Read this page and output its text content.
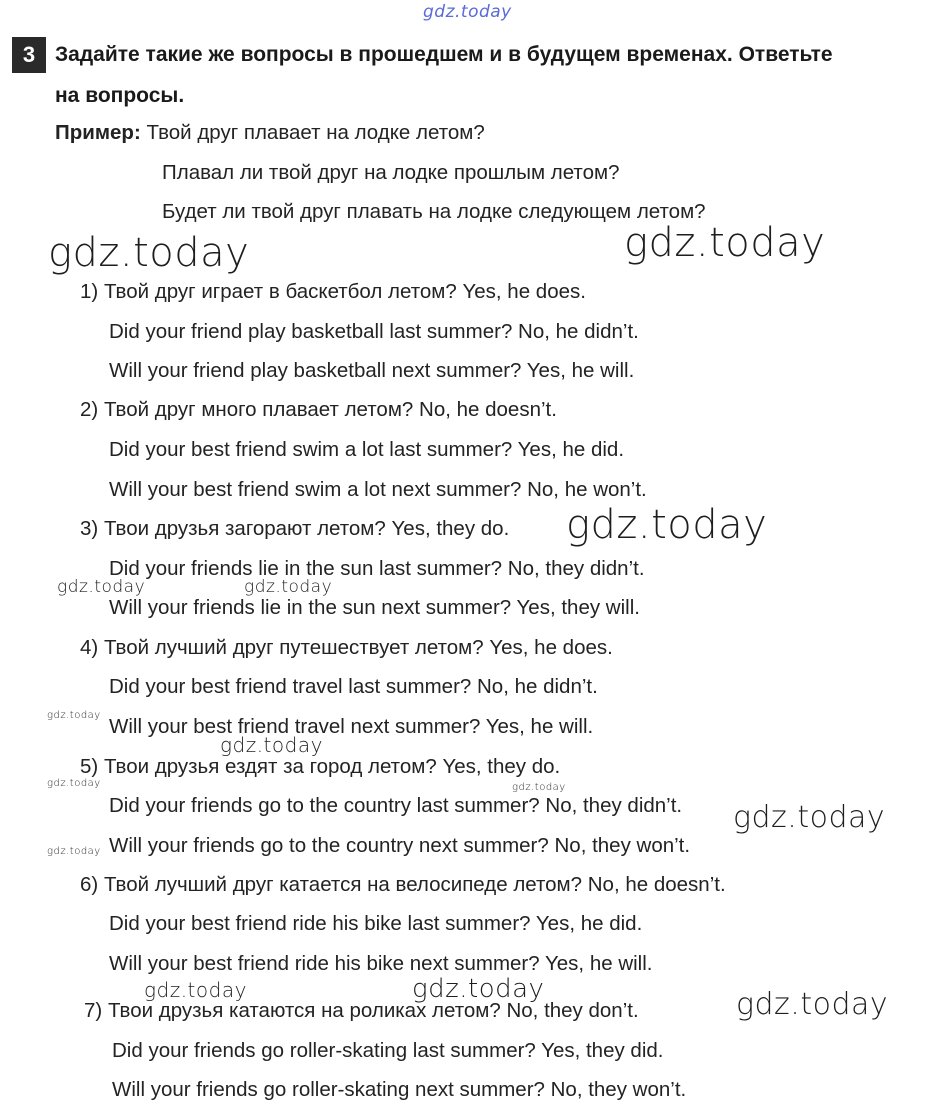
gdz.today
3 Задайте такие же вопросы в прошедшем и в будущем временах. Ответьте
на вопросы.
Пример: Твой друг плавает на лодке летом?
Плавал ли твой друг на лодке прошлым летом?
Будет ли твой друг плавать на лодке следующем летом?
1) Твой друг играет в баскетбол летом? Yes, he does.
Did your friend play basketball last summer? No, he didn’t.
Will your friend play basketball next summer? Yes, he will.
2) Твой друг много плавает летом? No, he doesn’t.
Did your best friend swim a lot last summer? Yes, he did.
Will your best friend swim a lot next summer? No, he won’t.
3) Твои друзья загорают летом? Yes, they do.
Did your friends lie in the sun last summer? No, they didn’t.
Will your friends lie in the sun next summer? Yes, they will.
4) Твой лучший друг путешествует летом? Yes, he does.
Did your best friend travel last summer? No, he didn’t.
Will your best friend travel next summer? Yes, he will.
5) Твои друзья ездят за город летом? Yes, they do.
Did your friends go to the country last summer? No, they didn’t.
Will your friends go to the country next summer? No, they won’t.
6) Твой лучший друг катается на велосипеде летом? No, he doesn’t.
Did your best friend ride his bike last summer? Yes, he did.
Will your best friend ride his bike next summer? Yes, he will.
7) Твои друзья катаются на роликах летом? No, they don’t.
Did your friends go roller-skating last summer? Yes, they did.
Will your friends go roller-skating next summer? No, they won’t.
gdz.today	gdz.today
gdz.today
gdz.today	gdz.today
gdz.today
gdz.today
gdz.today	gdz.today
gdz.today
gdz.today
gdz.today	gdz.today	gdz.today
